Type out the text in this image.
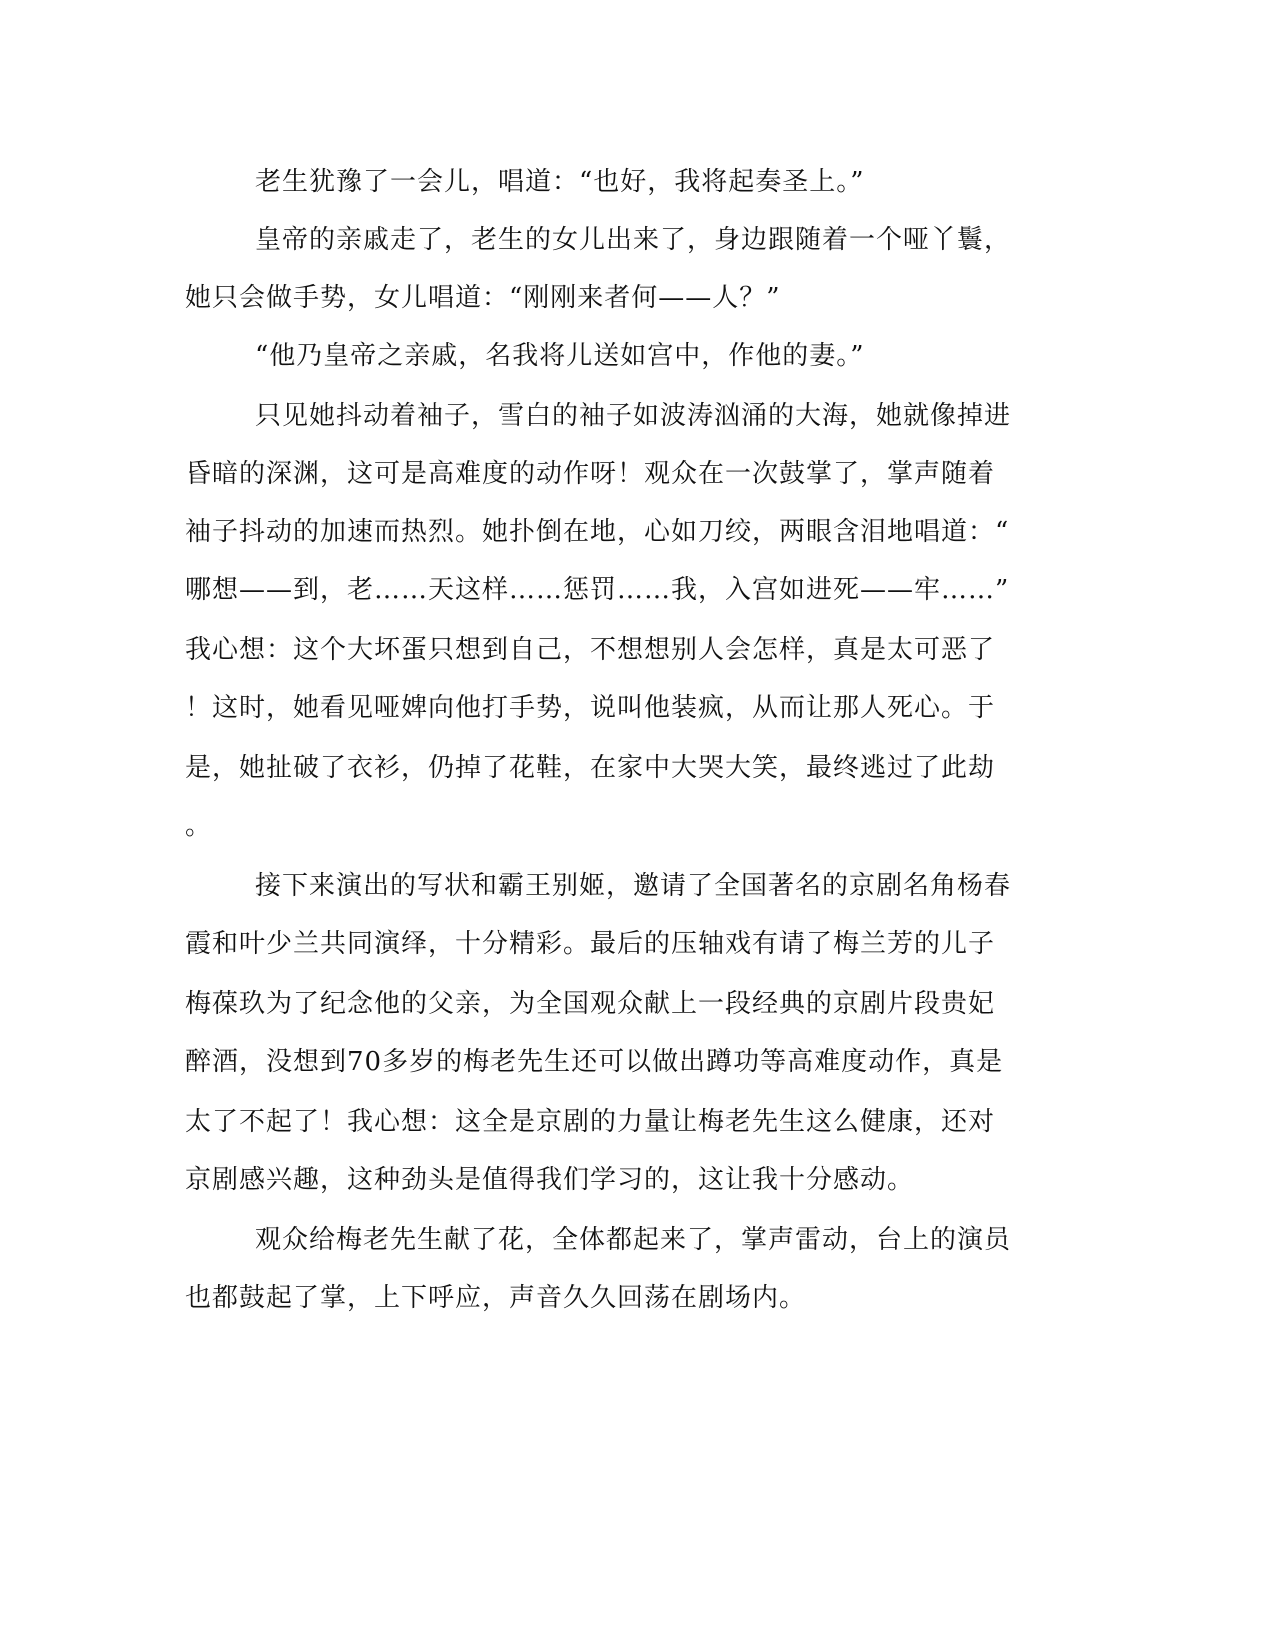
老生犹豫了一会儿，唱道：“也好，我将起奏圣上。”
皇帝的亲戚走了，老生的女儿出来了，身边跟随着一个哑丫鬟，
她只会做手势，女儿唱道：“刚刚来者何——人？”
“他乃皇帝之亲戚，名我将儿送如宫中，作他的妻。”
只见她抖动着袖子，雪白的袖子如波涛汹涌的大海，她就像掉进
昏暗的深渊，这可是高难度的动作呀！观众在一次鼓掌了，掌声随着
袖子抖动的加速而热烈。她扑倒在地，心如刀绞，两眼含泪地唱道：“
哪想——到，老……天这样……惩罚……我，入宫如进死——牢……”
我心想：这个大坏蛋只想到自己，不想想别人会怎样，真是太可恶了
！这时，她看见哑婢向他打手势，说叫他装疯，从而让那人死心。于
是，她扯破了衣衫，仍掉了花鞋，在家中大哭大笑，最终逃过了此劫
。
接下来演出的写状和霸王别姬，邀请了全国著名的京剧名角杨春
霞和叶少兰共同演绎，十分精彩。最后的压轴戏有请了梅兰芳的儿子
梅葆玖为了纪念他的父亲，为全国观众献上一段经典的京剧片段贵妃
醉酒，没想到70多岁的梅老先生还可以做出蹲功等高难度动作，真是
太了不起了！我心想：这全是京剧的力量让梅老先生这么健康，还对
京剧感兴趣，这种劲头是值得我们学习的，这让我十分感动。
观众给梅老先生献了花，全体都起来了，掌声雷动，台上的演员
也都鼓起了掌，上下呼应，声音久久回荡在剧场内。
